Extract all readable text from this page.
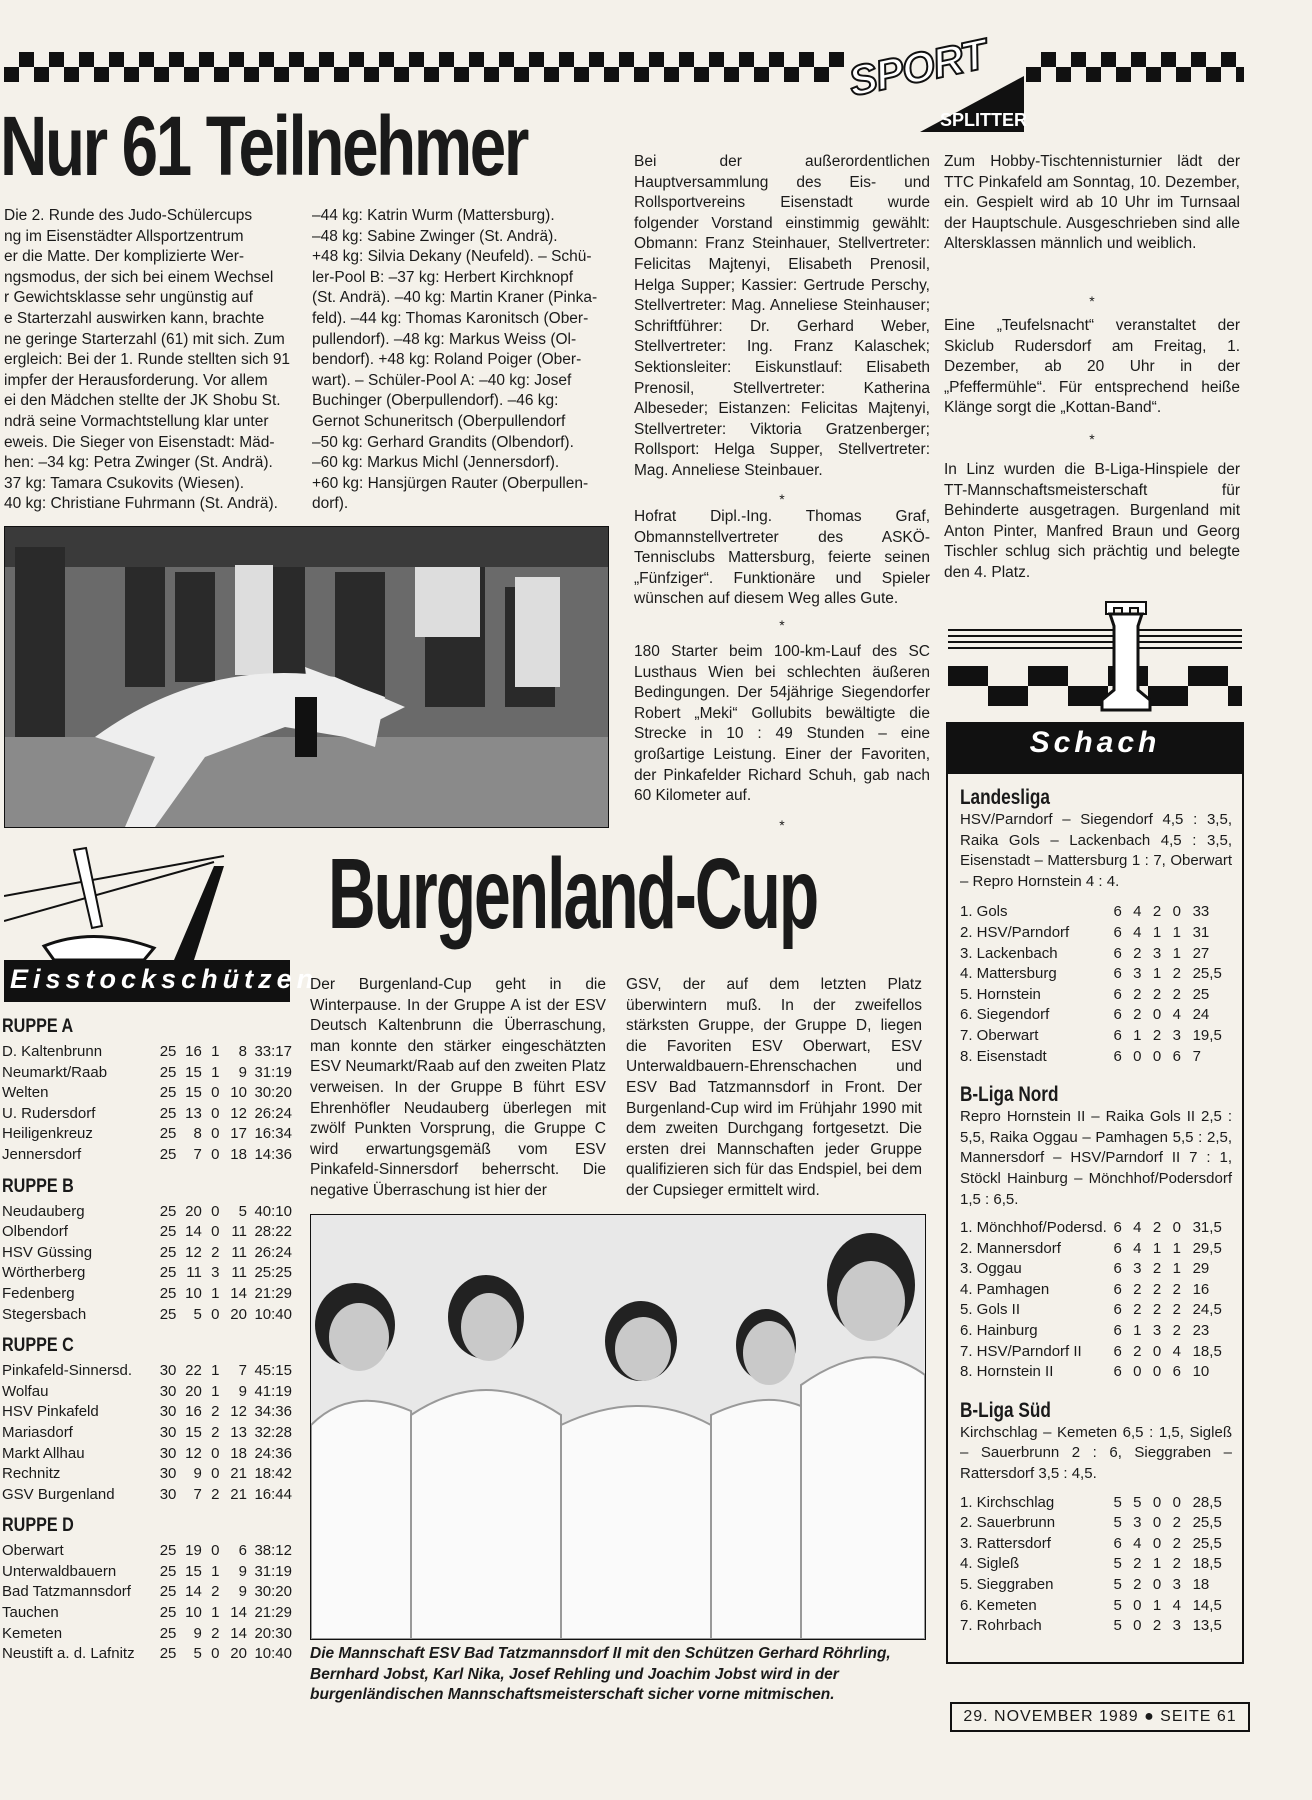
SPORT
SPLITTER
Nur 61 Teilnehmer
Die 2. Runde des Judo-Schülercups
ng im Eisenstädter Allsportzentrum
er die Matte. Der komplizierte Wer-
ngsmodus, der sich bei einem Wechsel
r Gewichtsklasse sehr ungünstig auf
e Starterzahl auswirken kann, brachte
ne geringe Starterzahl (61) mit sich. Zum
ergleich: Bei der 1. Runde stellten sich 91
impfer der Herausforderung. Vor allem
ei den Mädchen stellte der JK Shobu St.
ndrä seine Vormachtstellung klar unter
eweis. Die Sieger von Eisenstadt: Mäd-
hen: –34 kg: Petra Zwinger (St. Andrä).
37 kg: Tamara Csukovits (Wiesen).
40 kg: Christiane Fuhrmann (St. Andrä).
–44 kg: Katrin Wurm (Mattersburg).
–48 kg: Sabine Zwinger (St. Andrä).
+48 kg: Silvia Dekany (Neufeld). – Schü-
ler-Pool B: –37 kg: Herbert Kirchknopf
(St. Andrä). –40 kg: Martin Kraner (Pinka-
feld). –44 kg: Thomas Karonitsch (Ober-
pullendorf). –48 kg: Markus Weiss (Ol-
bendorf). +48 kg: Roland Poiger (Ober-
wart). – Schüler-Pool A: –40 kg: Josef
Buchinger (Oberpullendorf). –46 kg:
Gernot Schuneritsch (Oberpullendorf
–50 kg: Gerhard Grandits (Olbendorf).
–60 kg: Markus Michl (Jennersdorf).
+60 kg: Hansjürgen Rauter (Oberpullen-
dorf).
Bei der außerordentlichen Hauptversammlung des Eis- und Rollsportvereins Eisenstadt wurde folgender Vorstand einstimmig gewählt: Obmann: Franz Steinhauer, Stellvertreter: Felicitas Majtenyi, Elisabeth Prenosil, Helga Supper; Kassier: Gertrude Perschy, Stellvertreter: Mag. Anneliese Steinhauser; Schriftführer: Dr. Gerhard Weber, Stellvertreter: Ing. Franz Kalaschek; Sektionsleiter: Eiskunstlauf: Elisabeth Prenosil, Stellvertreter: Katherina Albeseder; Eistanzen: Felicitas Majtenyi, Stellvertreter: Viktoria Gratzenberger; Rollsport: Helga Supper, Stellvertreter: Mag. Anneliese Steinbauer.
*
Hofrat Dipl.-Ing. Thomas Graf, Obmannstellvertreter des ASKÖ-Tennisclubs Mattersburg, feierte seinen „Fünfziger“. Funktionäre und Spieler wünschen auf diesem Weg alles Gute.
*
180 Starter beim 100-km-Lauf des SC Lusthaus Wien bei schlechten äußeren Bedingungen. Der 54jährige Siegendorfer Robert „Meki“ Gollubits bewältigte die Strecke in 10 : 49 Stunden – eine großartige Leistung. Einer der Favoriten, der Pinkafelder Richard Schuh, gab nach 60 Kilometer auf.
*
Zum Hobby-Tischtennisturnier lädt der TTC Pinkafeld am Sonntag, 10. Dezember, ein. Gespielt wird ab 10 Uhr im Turnsaal der Hauptschule. Ausgeschrieben sind alle Altersklassen männlich und weiblich.
*
Eine „Teufelsnacht“ veranstaltet der Skiclub Rudersdorf am Freitag, 1. Dezember, ab 20 Uhr in der „Pfeffermühle“. Für entsprechend heiße Klänge sorgt die „Kottan-Band“.
*
In Linz wurden die B-Liga-Hinspiele der TT-Mannschaftsmeisterschaft für Behinderte ausgetragen. Burgenland mit Anton Pinter, Manfred Braun und Georg Tischler schlug sich prächtig und belegte den 4. Platz.
Schach
Landesliga
HSV/Parndorf – Siegendorf 4,5 : 3,5, Raika Gols – Lackenbach 4,5 : 3,5, Eisenstadt – Mattersburg 1 : 7, Oberwart – Repro Hornstein 4 : 4.
1. Gols	6 4 2 0 33
2. HSV/Parndorf	6 4 1 1 31
3. Lackenbach	6 2 3 1 27
4. Mattersburg	6 3 1 2 25,5
5. Hornstein	6 2 2 2 25
6. Siegendorf	6 2 0 4 24
7. Oberwart	6 1 2 3 19,5
8. Eisenstadt	6 0 0 6 7
B-Liga Nord
Repro Hornstein II – Raika Gols II 2,5 : 5,5, Raika Oggau – Pamhagen 5,5 : 2,5, Mannersdorf – HSV/Parndorf II 7 : 1, Stöckl Hainburg – Mönchhof/Podersdorf 1,5 : 6,5.
1. Mönchhof/Podersd. 6 4 2 0 31,5
2. Mannersdorf	6 4 1 1 29,5
3. Oggau	6 3 2 1 29
4. Pamhagen	6 2 2 2 16
5. Gols II	6 2 2 2 24,5
6. Hainburg	6 1 3 2 23
7. HSV/Parndorf II	6 2 0 4 18,5
8. Hornstein II	6 0 0 6 10
B-Liga Süd
Kirchschlag – Kemeten 6,5 : 1,5, Sigleß – Sauerbrunn 2 : 6, Sieggraben – Rattersdorf 3,5 : 4,5.
1. Kirchschlag	5 5 0 0 28,5
2. Sauerbrunn	5 3 0 2 25,5
3. Rattersdorf	6 4 0 2 25,5
4. Sigleß	5 2 1 2 18,5
5. Sieggraben	5 2 0 3 18
6. Kemeten	5 0 1 4 14,5
7. Rohrbach	5 0 2 3 13,5
29. NOVEMBER 1989 ● SEITE 61
Eisstockschützen
RUPPE A
D. Kaltenbrunn	25 16 1	8 33:17
Neumarkt/Raab	25 15 1	9 31:19
Welten	25 15 0 10 30:20
U. Rudersdorf	25 13 0 12 26:24
Heiligenkreuz	25	8 0 17 16:34
Jennersdorf	25	7 0 18 14:36
RUPPE B
Neudauberg	25 20 0	5 40:10
Olbendorf	25 14 0 11 28:22
HSV Güssing	25 12 2 11 26:24
Wörtherberg	25 11 3 11 25:25
Fedenberg	25 10 1 14 21:29
Stegersbach	25	5 0 20 10:40
RUPPE C
Pinkafeld-Sinnersd.	30 22 1	7 45:15
Wolfau	30 20 1	9 41:19
HSV Pinkafeld	30 16 2 12 34:36
Mariasdorf	30 15 2 13 32:28
Markt Allhau	30 12 0 18 24:36
Rechnitz	30	9 0 21 18:42
GSV Burgenland	30	7 2 21 16:44
RUPPE D
Oberwart	25 19 0	6 38:12
Unterwaldbauern	25 15 1	9 31:19
Bad Tatzmannsdorf	25 14 2	9 30:20
Tauchen	25 10 1 14 21:29
Kemeten	25	9 2 14 20:30
Neustift a. d. Lafnitz	25	5 0 20 10:40
Burgenland-Cup
Der Burgenland-Cup geht in die Winterpause. In der Gruppe A ist der ESV Deutsch Kaltenbrunn die Überraschung, man konnte den stärker eingeschätzten ESV Neumarkt/Raab auf den zweiten Platz verweisen. In der Gruppe B führt ESV Ehrenhöfler Neudauberg überlegen mit zwölf Punkten Vorsprung, die Gruppe C wird erwartungsgemäß vom ESV Pinkafeld-Sinnersdorf beherrscht. Die negative Überraschung ist hier der
GSV, der auf dem letzten Platz überwintern muß. In der zweifellos stärksten Gruppe, der Gruppe D, liegen die Favoriten ESV Oberwart, ESV Unterwaldbauern-Ehrenschachen und ESV Bad Tatzmannsdorf in Front. Der Burgenland-Cup wird im Frühjahr 1990 mit dem zweiten Durchgang fortgesetzt. Die ersten drei Mannschaften jeder Gruppe qualifizieren sich für das Endspiel, bei dem der Cupsieger ermittelt wird.
Die Mannschaft ESV Bad Tatzmannsdorf II mit den Schützen Gerhard Röhrling, Bernhard Jobst, Karl Nika, Josef Rehling und Joachim Jobst wird in der burgenländischen Mannschaftsmeisterschaft sicher vorne mitmischen.
